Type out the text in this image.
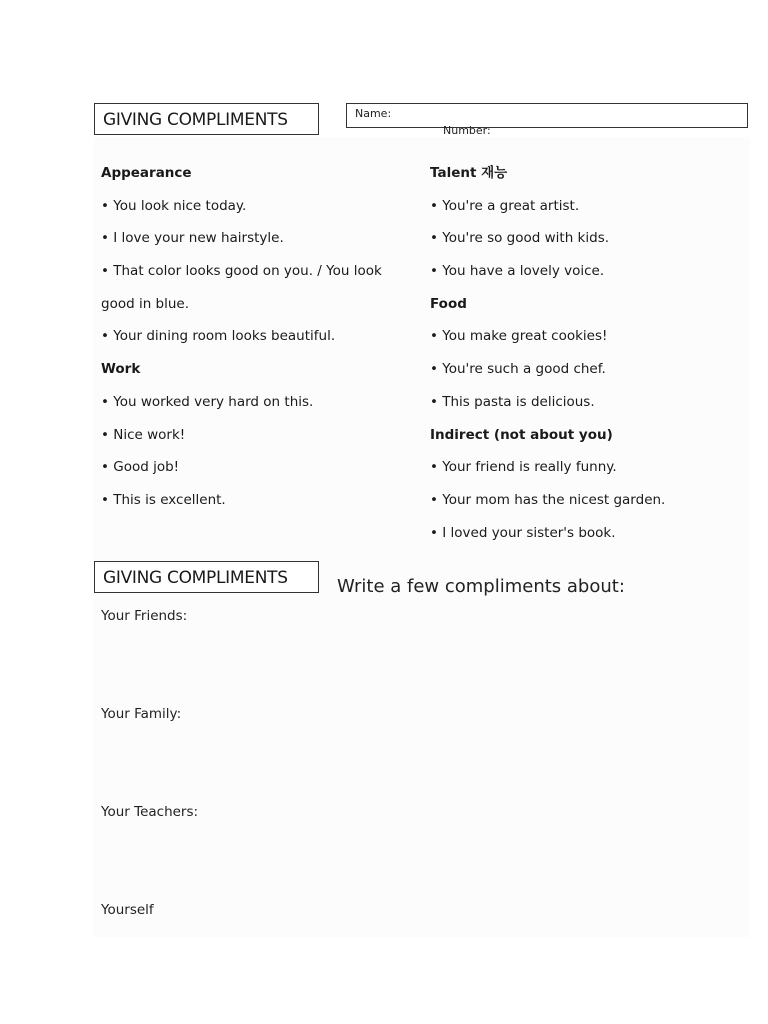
GIVING COMPLIMENTS	Name:
Number:
Appearance
• You look nice today.
• I love your new hairstyle.
• That color looks good on you. / You look
good in blue.
• Your dining room looks beautiful.
Work
• You worked very hard on this.
• Nice work!
• Good job!
• This is excellent.
Talent 재능
• You're a great artist.
• You're so good with kids.
• You have a lovely voice.
Food
• You make great cookies!
• You're such a good chef.
• This pasta is delicious.
Indirect (not about you)
• Your friend is really funny.
• Your mom has the nicest garden.
• I loved your sister's book.
GIVING COMPLIMENTS	Write a few compliments about:
Your Friends:
Your Family:
Your Teachers:
Yourself
